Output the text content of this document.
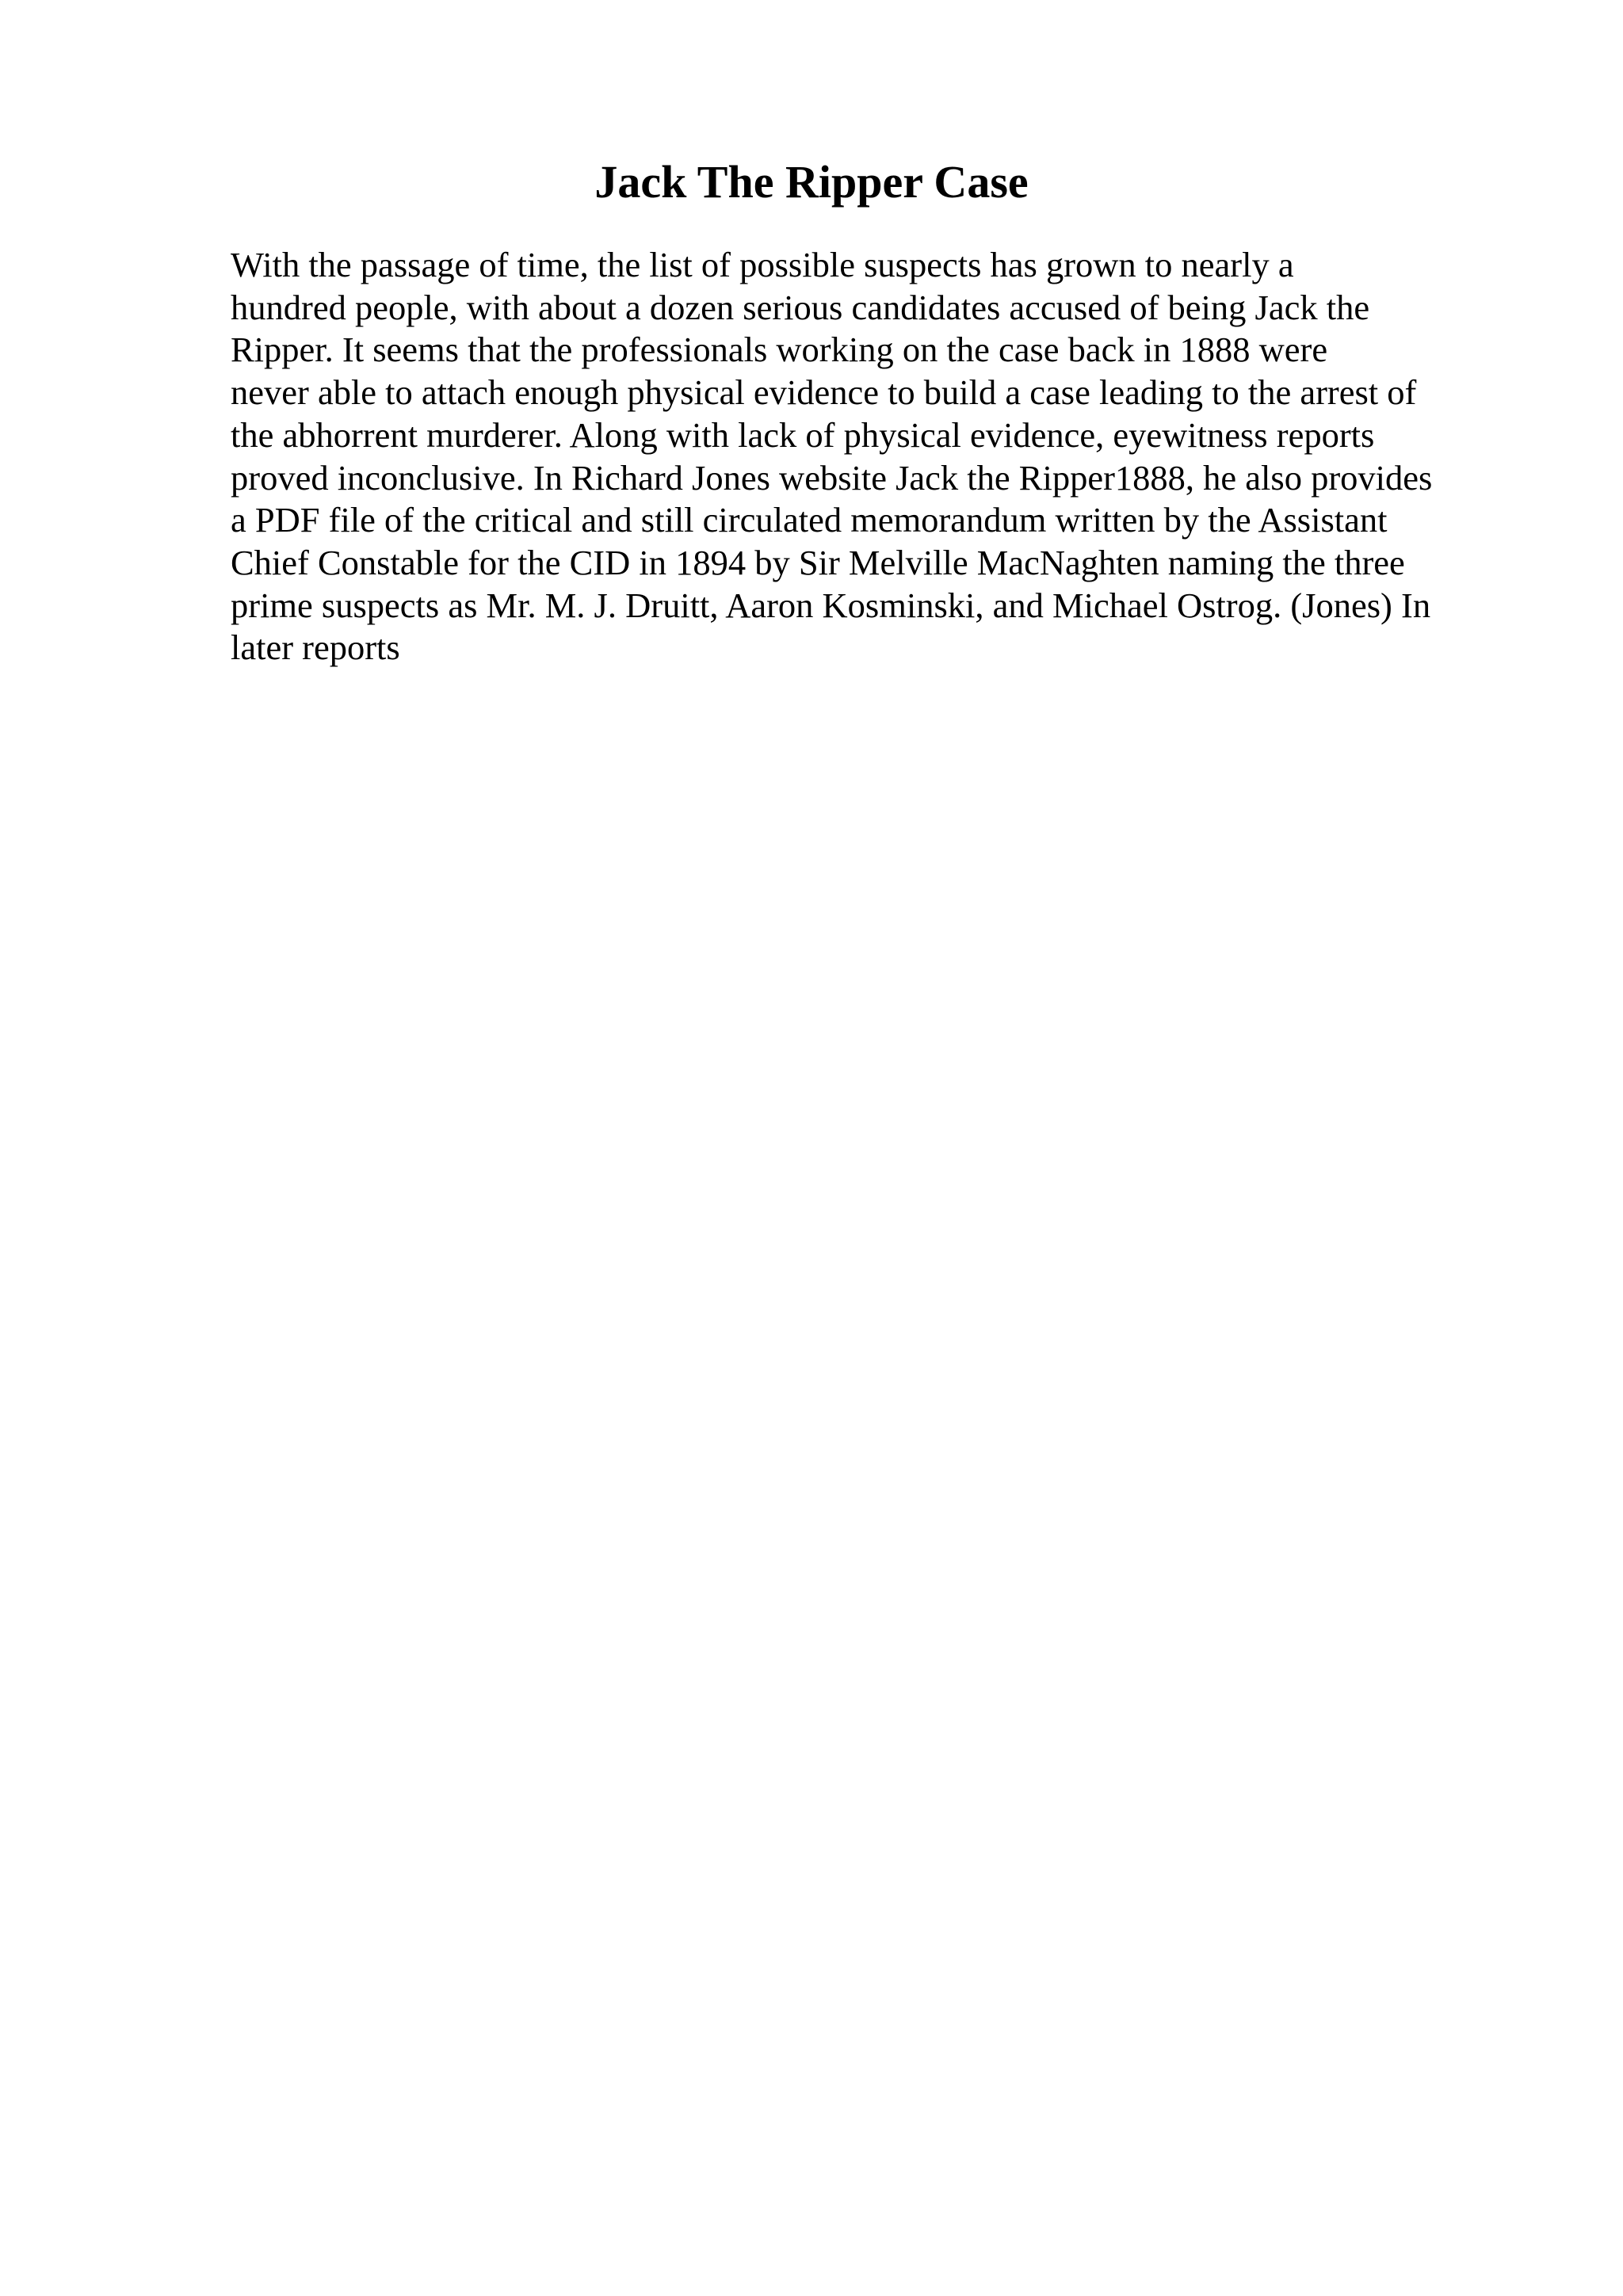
Jack The Ripper Case

With the passage of time, the list of possible suspects has grown to nearly a
hundred people, with about a dozen serious candidates accused of being Jack the
Ripper. It seems that the professionals working on the case back in 1888 were
never able to attach enough physical evidence to build a case leading to the arrest of
the abhorrent murderer. Along with lack of physical evidence, eyewitness reports
proved inconclusive. In Richard Jones website Jack the Ripper1888, he also provides
a PDF file of the critical and still circulated memorandum written by the Assistant
Chief Constable for the CID in 1894 by Sir Melville MacNaghten naming the three
prime suspects as Mr. M. J. Druitt, Aaron Kosminski, and Michael Ostrog. (Jones) In
later reports
